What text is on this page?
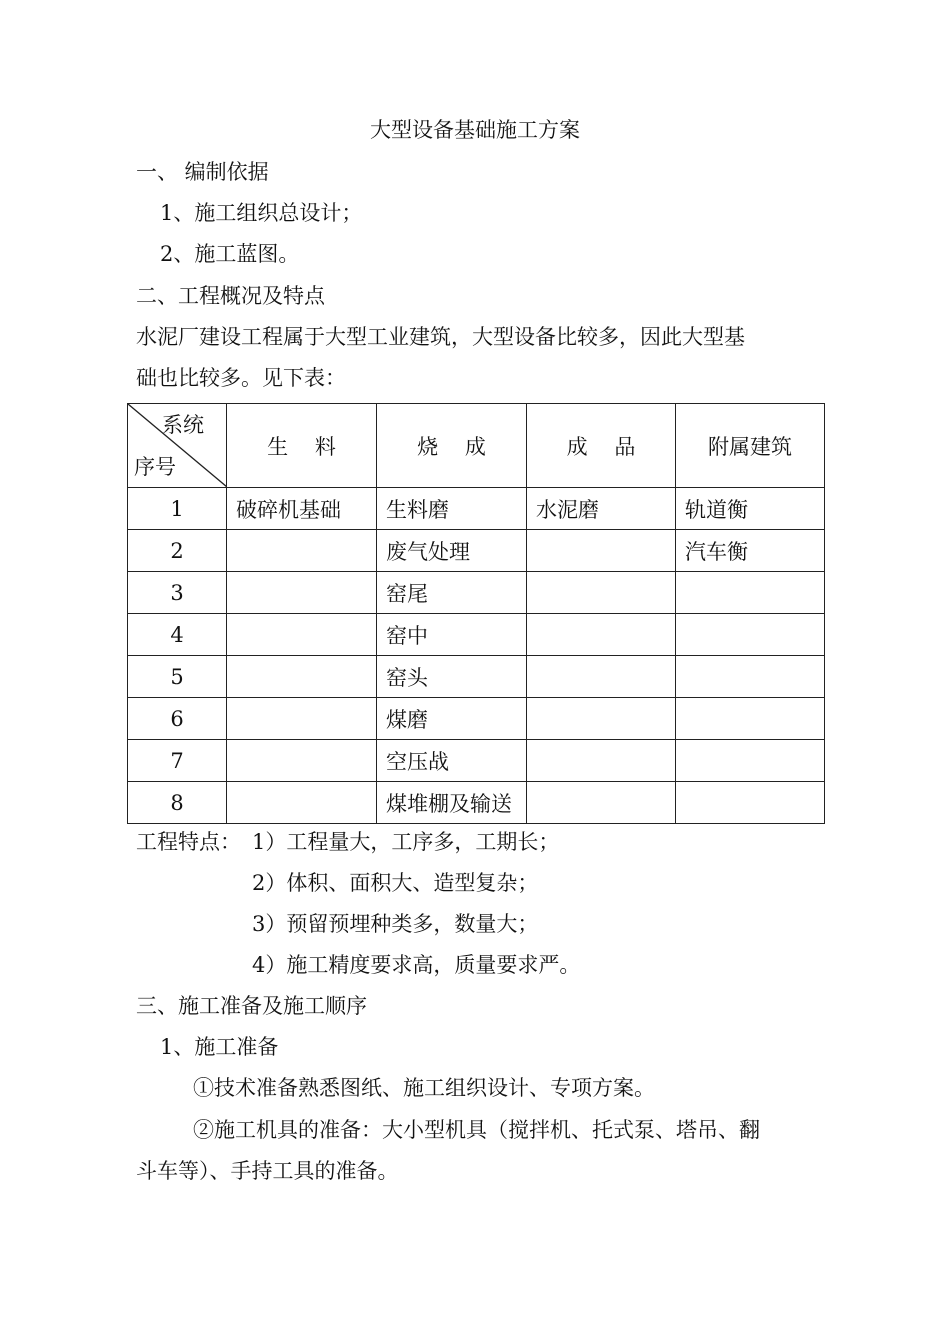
大型设备基础施工方案
一、 编制依据
1、施工组织总设计；
2、施工蓝图。
二、工程概况及特点
水泥厂建设工程属于大型工业建筑，大型设备比较多，因此大型基
础也比较多。见下表：
系统
序号	生    料	烧    成	成    品	附属建筑
1	破碎机基础	生料磨	水泥磨	轨道衡
2		废气处理		汽车衡
3		窑尾		
4		窑中		
5		窑头		
6		煤磨		
7		空压战		
8		煤堆棚及输送		
工程特点： 1）工程量大，工序多，工期长；
2）体积、面积大、造型复杂；
3）预留预埋种类多，数量大；
4）施工精度要求高，质量要求严。
三、施工准备及施工顺序
1、施工准备
①技术准备熟悉图纸、施工组织设计、专项方案。
②施工机具的准备：大小型机具（搅拌机、托式泵、塔吊、翻
斗车等）、手持工具的准备。
